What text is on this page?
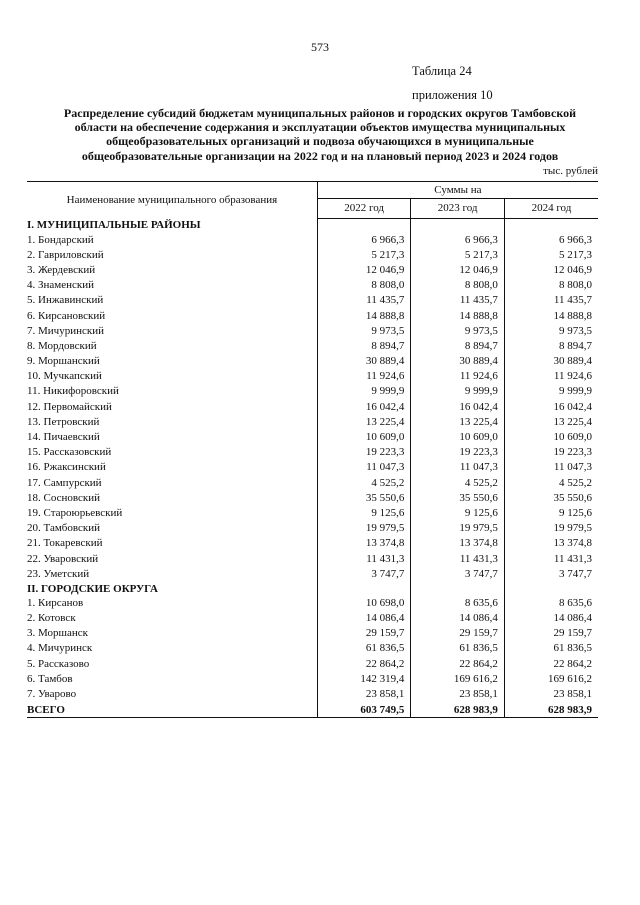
573
Таблица 24
приложения 10
Распределение субсидий бюджетам муниципальных районов и городских округов Тамбовской
области на обеспечение содержания и эксплуатации объектов имущества муниципальных
общеобразовательных организаций и подвоза обучающихся в муниципальные
общеобразовательные организации на 2022 год и на плановый период 2023 и 2024 годов
тыс. рублей
Наименование муниципального образования	Суммы на		
	2022 год	2023 год	2024 год
I. МУНИЦИПАЛЬНЫЕ РАЙОНЫ			
1. Бондарский	6 966,3	6 966,3	6 966,3
2. Гавриловский	5 217,3	5 217,3	5 217,3
3. Жердевский	12 046,9	12 046,9	12 046,9
4. Знаменский	8 808,0	8 808,0	8 808,0
5. Инжавинский	11 435,7	11 435,7	11 435,7
6. Кирсановский	14 888,8	14 888,8	14 888,8
7. Мичуринский	9 973,5	9 973,5	9 973,5
8. Мордовский	8 894,7	8 894,7	8 894,7
9. Моршанский	30 889,4	30 889,4	30 889,4
10. Мучкапский	11 924,6	11 924,6	11 924,6
11. Никифоровский	9 999,9	9 999,9	9 999,9
12. Первомайский	16 042,4	16 042,4	16 042,4
13. Петровский	13 225,4	13 225,4	13 225,4
14. Пичаевский	10 609,0	10 609,0	10 609,0
15. Рассказовский	19 223,3	19 223,3	19 223,3
16. Ржаксинский	11 047,3	11 047,3	11 047,3
17. Сампурский	4 525,2	4 525,2	4 525,2
18. Сосновский	35 550,6	35 550,6	35 550,6
19. Староюрьевский	9 125,6	9 125,6	9 125,6
20. Тамбовский	19 979,5	19 979,5	19 979,5
21. Токаревский	13 374,8	13 374,8	13 374,8
22. Уваровский	11 431,3	11 431,3	11 431,3
23. Уметский	3 747,7	3 747,7	3 747,7
II. ГОРОДСКИЕ ОКРУГА			
1. Кирсанов	10 698,0	8 635,6	8 635,6
2. Котовск	14 086,4	14 086,4	14 086,4
3. Моршанск	29 159,7	29 159,7	29 159,7
4. Мичуринск	61 836,5	61 836,5	61 836,5
5. Рассказово	22 864,2	22 864,2	22 864,2
6. Тамбов	142 319,4	169 616,2	169 616,2
7. Уварово	23 858,1	23 858,1	23 858,1
ВСЕГО	603 749,5	628 983,9	628 983,9
